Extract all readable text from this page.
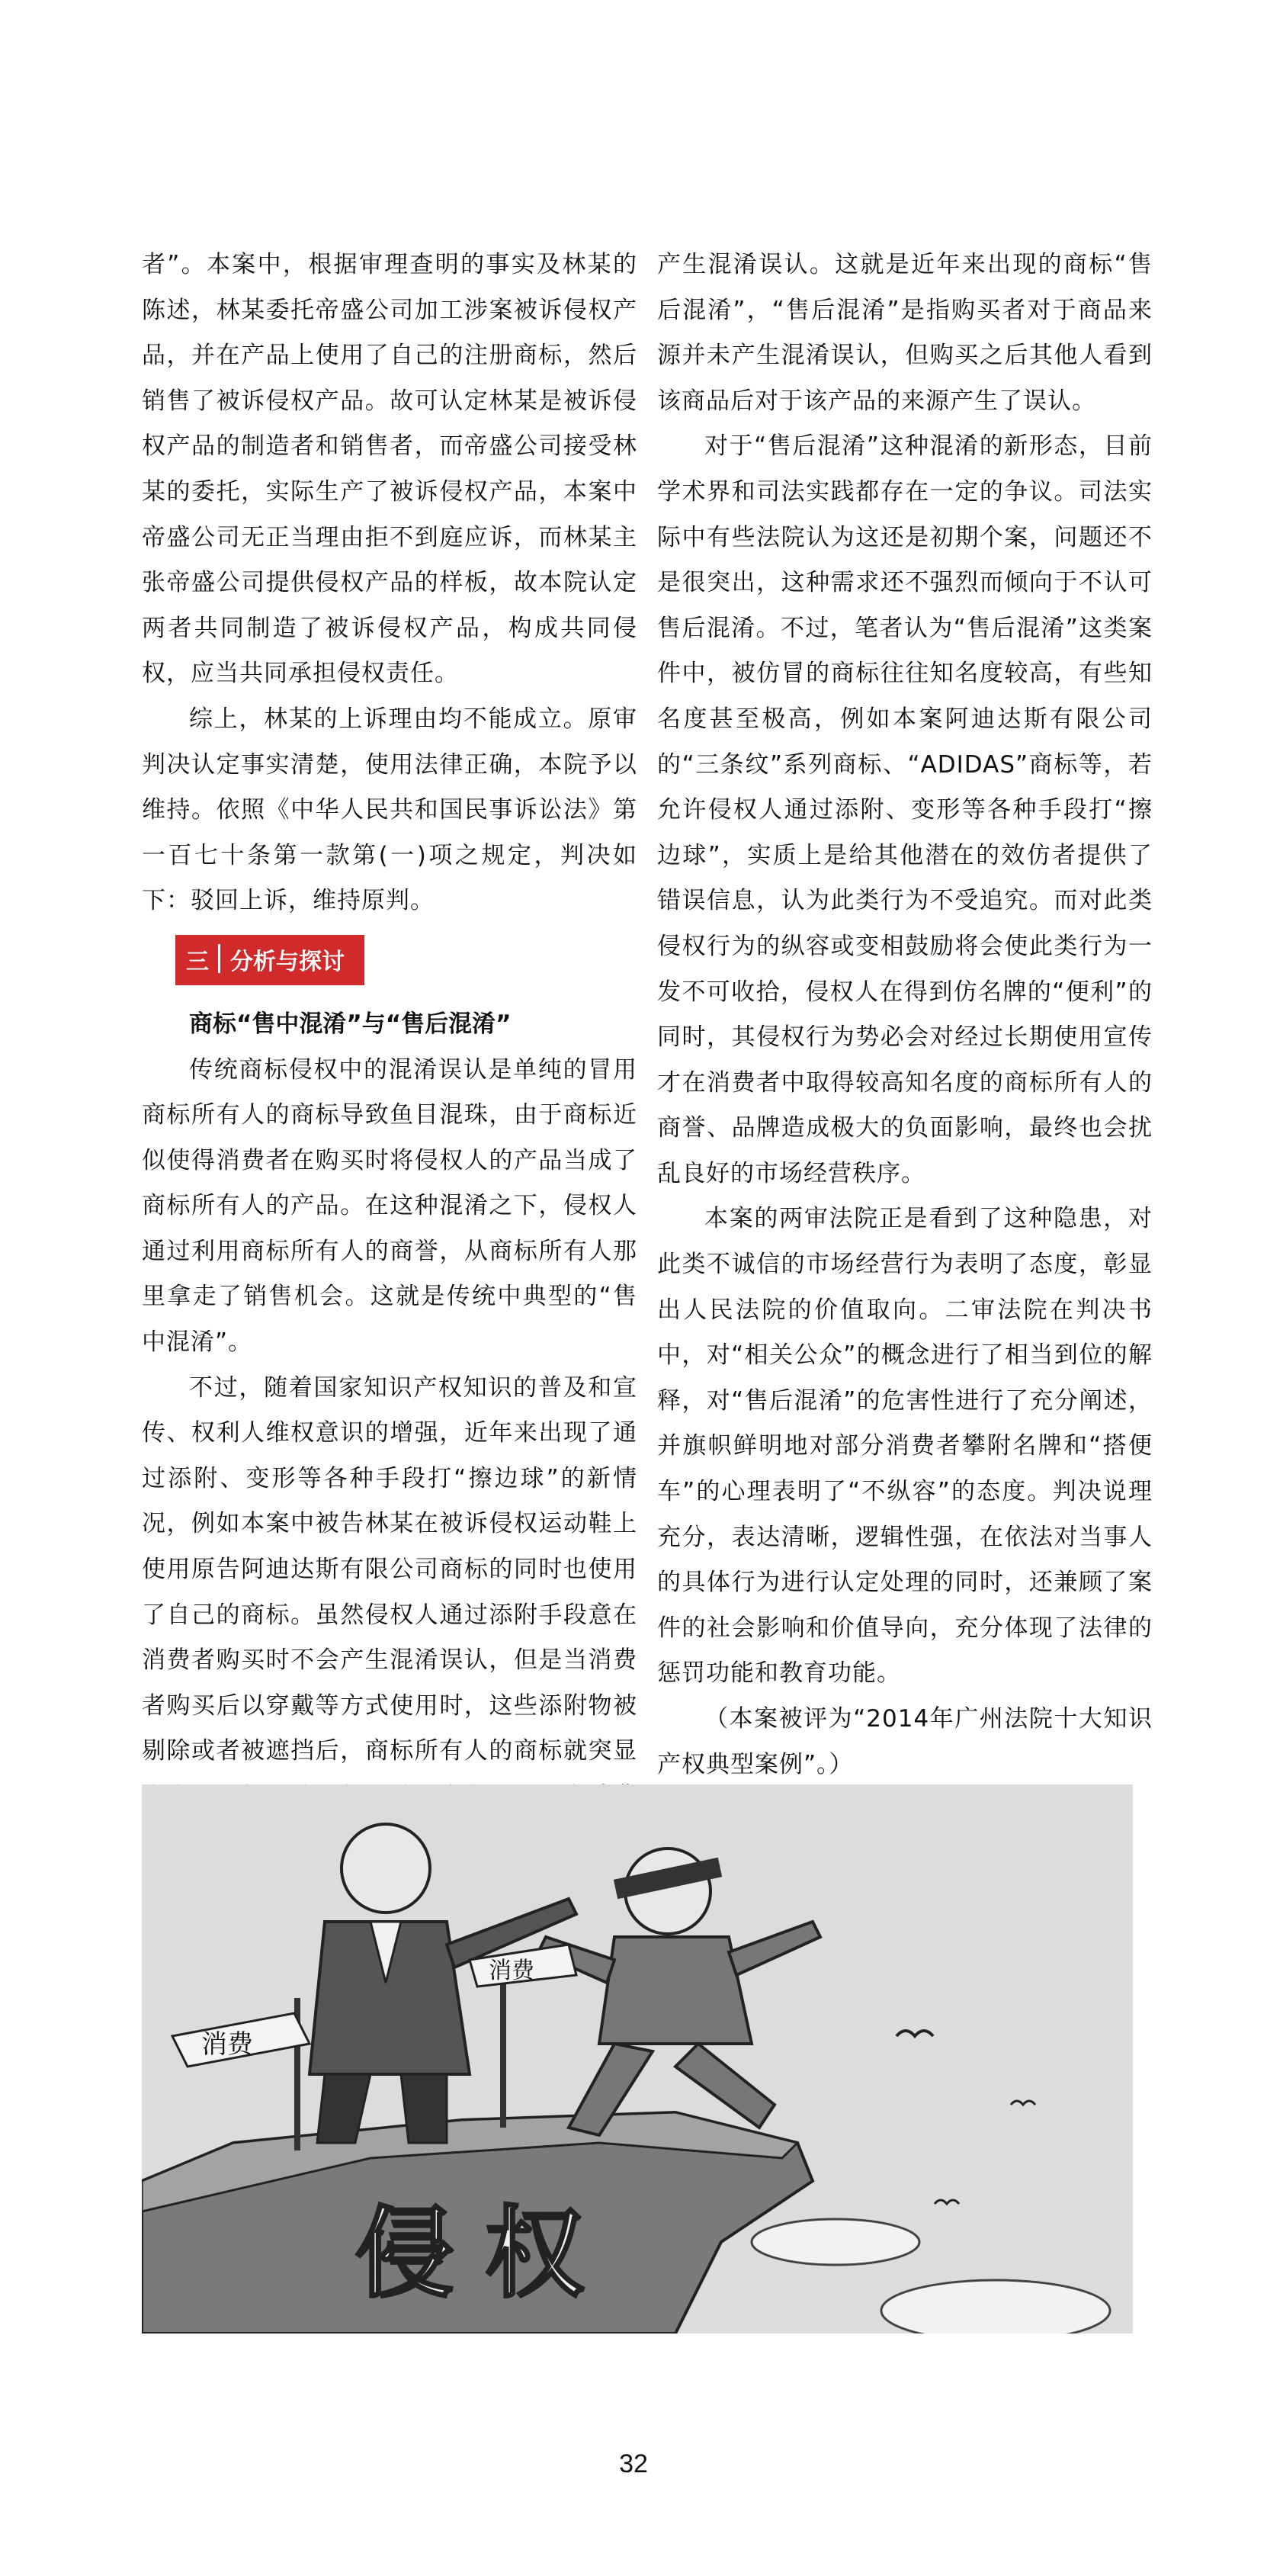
者”。本案中，根据审理查明的事实及林某的陈述，林某委托帝盛公司加工涉案被诉侵权产品，并在产品上使用了自己的注册商标，然后销售了被诉侵权产品。故可认定林某是被诉侵权产品的制造者和销售者，而帝盛公司接受林某的委托，实际生产了被诉侵权产品，本案中帝盛公司无正当理由拒不到庭应诉，而林某主张帝盛公司提供侵权产品的样板，故本院认定两者共同制造了被诉侵权产品，构成共同侵权，应当共同承担侵权责任。

综上，林某的上诉理由均不能成立。原审判决认定事实清楚，使用法律正确，本院予以维持。依照《中华人民共和国民事诉讼法》第一百七十条第一款第(一)项之规定，判决如下：驳回上诉，维持原判。

三 分析与探讨

商标“售中混淆”与“售后混淆”

传统商标侵权中的混淆误认是单纯的冒用商标所有人的商标导致鱼目混珠，由于商标近似使得消费者在购买时将侵权人的产品当成了商标所有人的产品。在这种混淆之下，侵权人通过利用商标所有人的商誉，从商标所有人那里拿走了销售机会。这就是传统中典型的“售中混淆”。

不过，随着国家知识产权知识的普及和宣传、权利人维权意识的增强，近年来出现了通过添附、变形等各种手段打“擦边球”的新情况，例如本案中被告林某在被诉侵权运动鞋上使用原告阿迪达斯有限公司商标的同时也使用了自己的商标。虽然侵权人通过添附手段意在消费者购买时不会产生混淆误认，但是当消费者购买后以穿戴等方式使用时，这些添附物被剔除或者被遮挡后，商标所有人的商标就突显

产生混淆误认。这就是近年来出现的商标“售后混淆”，“售后混淆”是指购买者对于商品来源并未产生混淆误认，但购买之后其他人看到该商品后对于该产品的来源产生了误认。

对于“售后混淆”这种混淆的新形态，目前学术界和司法实践都存在一定的争议。司法实际中有些法院认为这还是初期个案，问题还不是很突出，这种需求还不强烈而倾向于不认可售后混淆。不过，笔者认为“售后混淆”这类案件中，被仿冒的商标往往知名度较高，有些知名度甚至极高，例如本案阿迪达斯有限公司的“三条纹”系列商标、“ADIDAS”商标等，若允许侵权人通过添附、变形等各种手段打“擦边球”，实质上是给其他潜在的效仿者提供了错误信息，认为此类行为不受追究。而对此类侵权行为的纵容或变相鼓励将会使此类行为一发不可收拾，侵权人在得到仿名牌的“便利”的同时，其侵权行为势必会对经过长期使用宣传才在消费者中取得较高知名度的商标所有人的商誉、品牌造成极大的负面影响，最终也会扰乱良好的市场经营秩序。

本案的两审法院正是看到了这种隐患，对此类不诚信的市场经营行为表明了态度，彰显出人民法院的价值取向。二审法院在判决书中，对“相关公众”的概念进行了相当到位的解释，对“售后混淆”的危害性进行了充分阐述，并旗帜鲜明地对部分消费者攀附名牌和“搭便车”的心理表明了“不纵容”的态度。判决说理充分，表达清晰，逻辑性强，在依法对当事人的具体行为进行认定处理的同时，还兼顾了案件的社会影响和价值导向，充分体现了法律的惩罚功能和教育功能。

（本案被评为“2014年广州法院十大知识产权典型案例”。）

消费
消费
侵权
32
